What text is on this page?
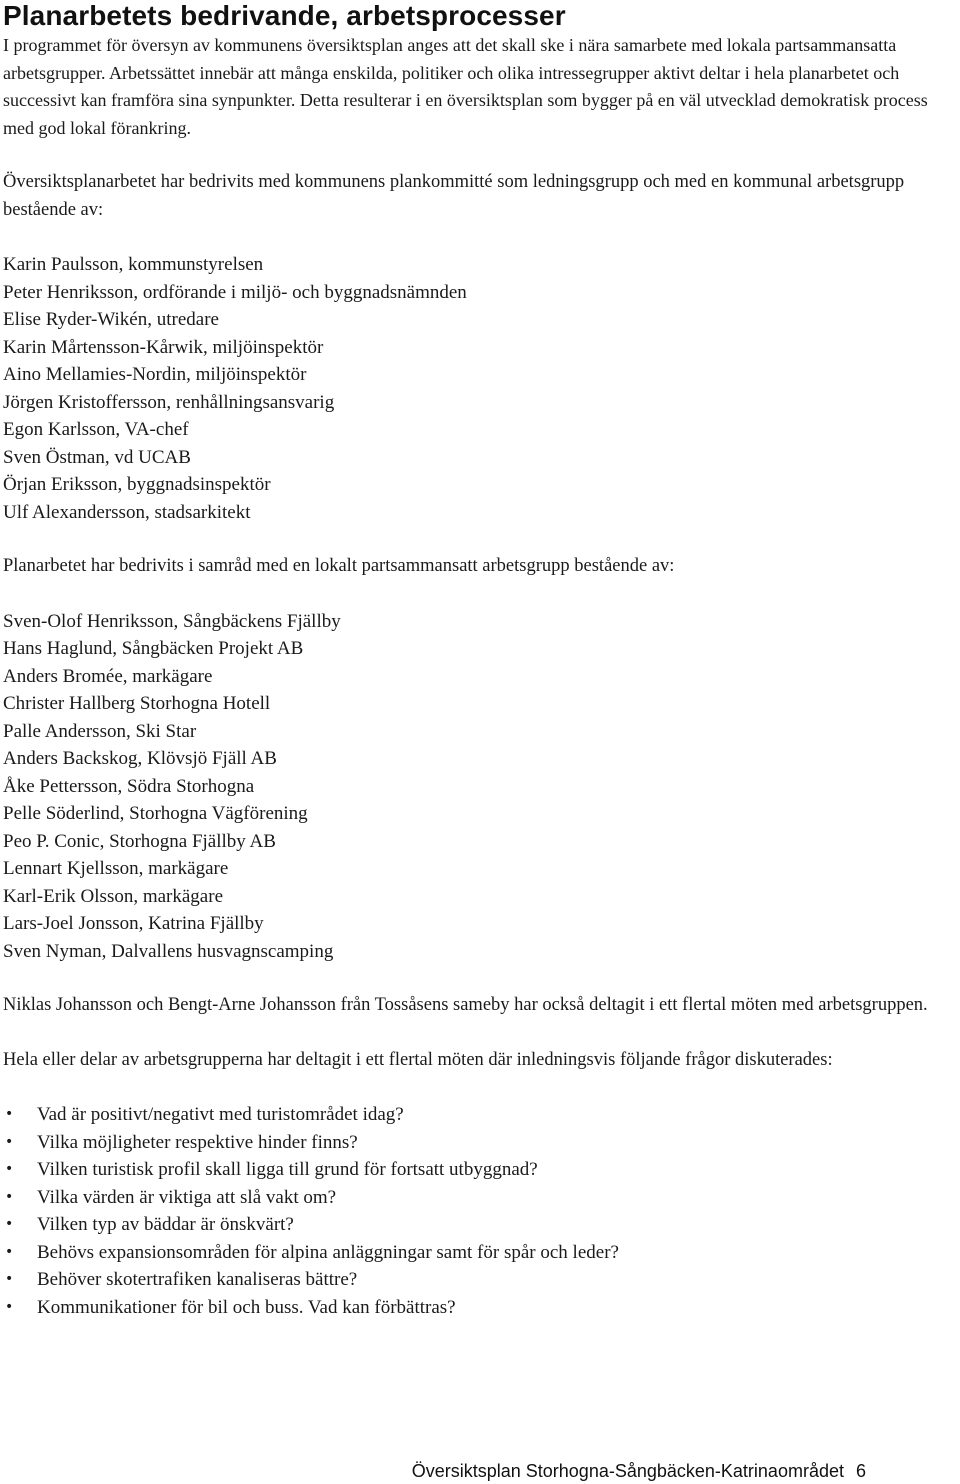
Planarbetets bedrivande, arbetsprocesser

I programmet för översyn av kommunens översiktsplan anges att det skall ske i nära samarbete med lokala partsammansatta arbetsgrupper. Arbetssättet innebär att många enskilda, politiker och olika intressegrupper aktivt deltar i hela planarbetet och successivt kan framföra sina synpunkter. Detta resulterar i en översiktsplan som bygger på en väl utvecklad demokratisk process med god lokal förankring.

Översiktsplanarbetet har bedrivits med kommunens plankommitté som ledningsgrupp och med en kommunal arbetsgrupp bestående av:

Karin Paulsson, kommunstyrelsen
Peter Henriksson, ordförande i miljö- och byggnadsnämnden
Elise Ryder-Wikén, utredare
Karin Mårtensson-Kårwik, miljöinspektör
Aino Mellamies-Nordin, miljöinspektör
Jörgen Kristoffersson, renhållningsansvarig
Egon Karlsson, VA-chef
Sven Östman, vd UCAB
Örjan Eriksson, byggnadsinspektör
Ulf Alexandersson, stadsarkitekt

Planarbetet har bedrivits i samråd med en lokalt partsammansatt arbetsgrupp bestående av:

Sven-Olof Henriksson, Sångbäckens Fjällby
Hans Haglund, Sångbäcken Projekt AB
Anders Bromée, markägare
Christer Hallberg Storhogna Hotell
Palle Andersson, Ski Star
Anders Backskog, Klövsjö Fjäll AB
Åke Pettersson, Södra Storhogna
Pelle Söderlind, Storhogna Vägförening
Peo P. Conic, Storhogna Fjällby AB
Lennart Kjellsson, markägare
Karl-Erik Olsson, markägare
Lars-Joel Jonsson, Katrina Fjällby
Sven Nyman, Dalvallens husvagnscamping

Niklas Johansson och Bengt-Arne Johansson från Tossåsens sameby har också deltagit i ett flertal möten med arbetsgruppen.

Hela eller delar av arbetsgrupperna har deltagit i ett flertal möten där inledningsvis följande frågor diskuterades:

• Vad är positivt/negativt med turistområdet idag?
• Vilka möjligheter respektive hinder finns?
• Vilken turistisk profil skall ligga till grund för fortsatt utbyggnad?
• Vilka värden är viktiga att slå vakt om?
• Vilken typ av bäddar är önskvärt?
• Behövs expansionsområden för alpina anläggningar samt för spår och leder?
• Behöver skotertrafiken kanaliseras bättre?
• Kommunikationer för bil och buss. Vad kan förbättras?
Översiktsplan Storhogna-Sångbäcken-Katrinaområdet 6
